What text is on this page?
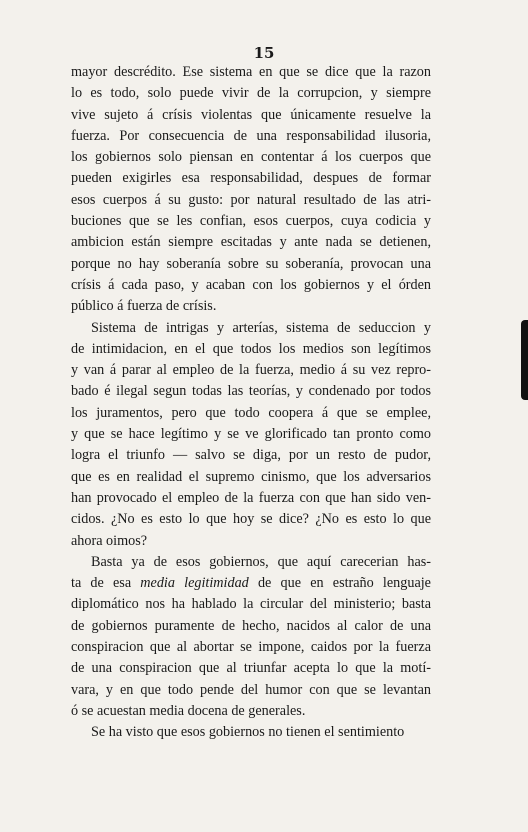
15
mayor descrédito. Ese sistema en que se dice que la razon
lo es todo, solo puede vivir de la corrupcion, y siempre
vive sujeto á crísis violentas que únicamente resuelve la
fuerza. Por consecuencia de una responsabilidad ilusoria,
los gobiernos solo piensan en contentar á los cuerpos que
pueden exigirles esa responsabilidad, despues de formar
esos cuerpos á su gusto: por natural resultado de las atri-
buciones que se les confian, esos cuerpos, cuya codicia y
ambicion están siempre escitadas y ante nada se detienen,
porque no hay soberanía sobre su soberanía, provocan una
crísis á cada paso, y acaban con los gobiernos y el órden
público á fuerza de crísis.
Sistema de intrigas y arterías, sistema de seduccion y
de intimidacion, en el que todos los medios son legítimos
y van á parar al empleo de la fuerza, medio á su vez repro-
bado é ilegal segun todas las teorías, y condenado por todos
los juramentos, pero que todo coopera á que se emplee,
y que se hace legítimo y se ve glorificado tan pronto como
logra el triunfo — salvo se diga, por un resto de pudor,
que es en realidad el supremo cinismo, que los adversarios
han provocado el empleo de la fuerza con que han sido ven-
cidos. ¿No es esto lo que hoy se dice? ¿No es esto lo que
ahora oimos?
Basta ya de esos gobiernos, que aquí carecerian has-
ta de esa media legitimidad de que en estraño lenguaje
diplomático nos ha hablado la circular del ministerio; basta
de gobiernos puramente de hecho, nacidos al calor de una
conspiracion que al abortar se impone, caidos por la fuerza
de una conspiracion que al triunfar acepta lo que la motí-
vara, y en que todo pende del humor con que se levantan
ó se acuestan media docena de generales.
Se ha visto que esos gobiernos no tienen el sentimiento
